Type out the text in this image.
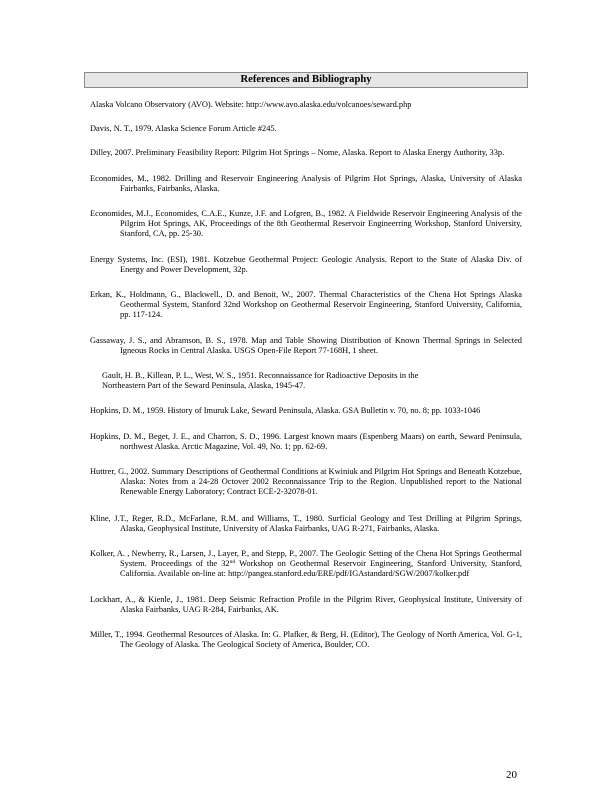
References and Bibliography

Alaska Volcano Observatory (AVO). Website: http://www.avo.alaska.edu/volcanoes/seward.php

Davis, N. T., 1979. Alaska Science Forum Article #245.

Dilley, 2007. Preliminary Feasibility Report: Pilgrim Hot Springs – Nome, Alaska. Report to Alaska Energy Authority, 33p.

Economides, M., 1982. Drilling and Reservoir Engineering Analysis of Pilgrim Hot Springs, Alaska, University of Alaska Fairbanks, Fairbanks, Alaska.

Economides, M.J., Economides, C.A.E., Kunze, J.F. and Lofgren, B., 1982. A Fieldwide Reservoir Engineering Analysis of the Pilgrim Hot Springs, AK, Proceedings of the 8th Geothermal Reservoir Engineerring Workshop, Stanford University, Stanford, CA, pp. 25-30.

Energy Systems, Inc. (ESI), 1981. Kotzebue Geothermal Project: Geologic Analysis. Report to the State of Alaska Div. of Energy and Power Development, 32p.

Erkan, K., Holdmann, G., Blackwell., D. and Benoit, W., 2007. Thermal Characteristics of the Chena Hot Springs Alaska Geothermal System, Stanford 32nd Workshop on Geothermal Reservoir Engineering, Stanford University, California, pp. 117-124.

Gassaway, J. S., and Abramson, B. S., 1978. Map and Table Showing Distribution of Known Thermal Springs in Selected Igneous Rocks in Central Alaska. USGS Open-File Report 77-168H, 1 sheet.

Gault, H. B., Killean, P. L., West, W. S., 1951. Reconnaissance for Radioactive Deposits in the
Northeastern Part of the Seward Peninsula, Alaska, 1945-47.

Hopkins, D. M., 1959. History of Imuruk Lake, Seward Peninsula, Alaska. GSA Bulletin v. 70, no. 8; pp. 1033-1046

Hopkins, D. M., Beget, J. E., and Charron, S. D., 1996. Largest known maars (Espenberg Maars) on earth, Seward Peninsula, northwest Alaska. Arctic Magazine, Vol. 49, No. 1; pp. 62-69.

Huttrer, G., 2002. Summary Descriptions of Geothermal Conditions at Kwiniuk and Pilgrim Hot Springs and Beneath Kotzebue, Alaska: Notes from a 24-28 Octover 2002 Reconnaissance Trip to the Region. Unpublished report to the National Renewable Energy Laboratory; Contract ECE-2-32078-01.

Kline, J.T., Reger, R.D., McFarlane, R.M. and Williams, T., 1980. Surficial Geology and Test Drilling at Pilgrim Springs, Alaska, Geophysical Institute, University of Alaska Fairbanks, UAG R-271, Fairbanks, Alaska.

Kolker, A. , Newberry, R., Larsen, J., Layer, P., and Stepp, P., 2007. The Geologic Setting of the Chena Hot Springs Geothermal System. Proceedings of the 32nd Workshop on Geothermal Reservoir Engineering, Stanford University, Stanford, California. Available on-line at: http://pangea.stanford.edu/ERE/pdf/IGAstandard/SGW/2007/kolker.pdf

Lockhart, A., & Kienle, J., 1981. Deep Seismic Refraction Profile in the Pilgrim River, Geophysical Institute, University of Alaska Fairbanks, UAG R-284, Fairbanks, AK.

Miller, T., 1994. Geothermal Resources of Alaska. In: G. Plafker, & Berg, H. (Editor), The Geology of North America, Vol. G-1, The Geology of Alaska. The Geological Society of America, Boulder, CO.

20
